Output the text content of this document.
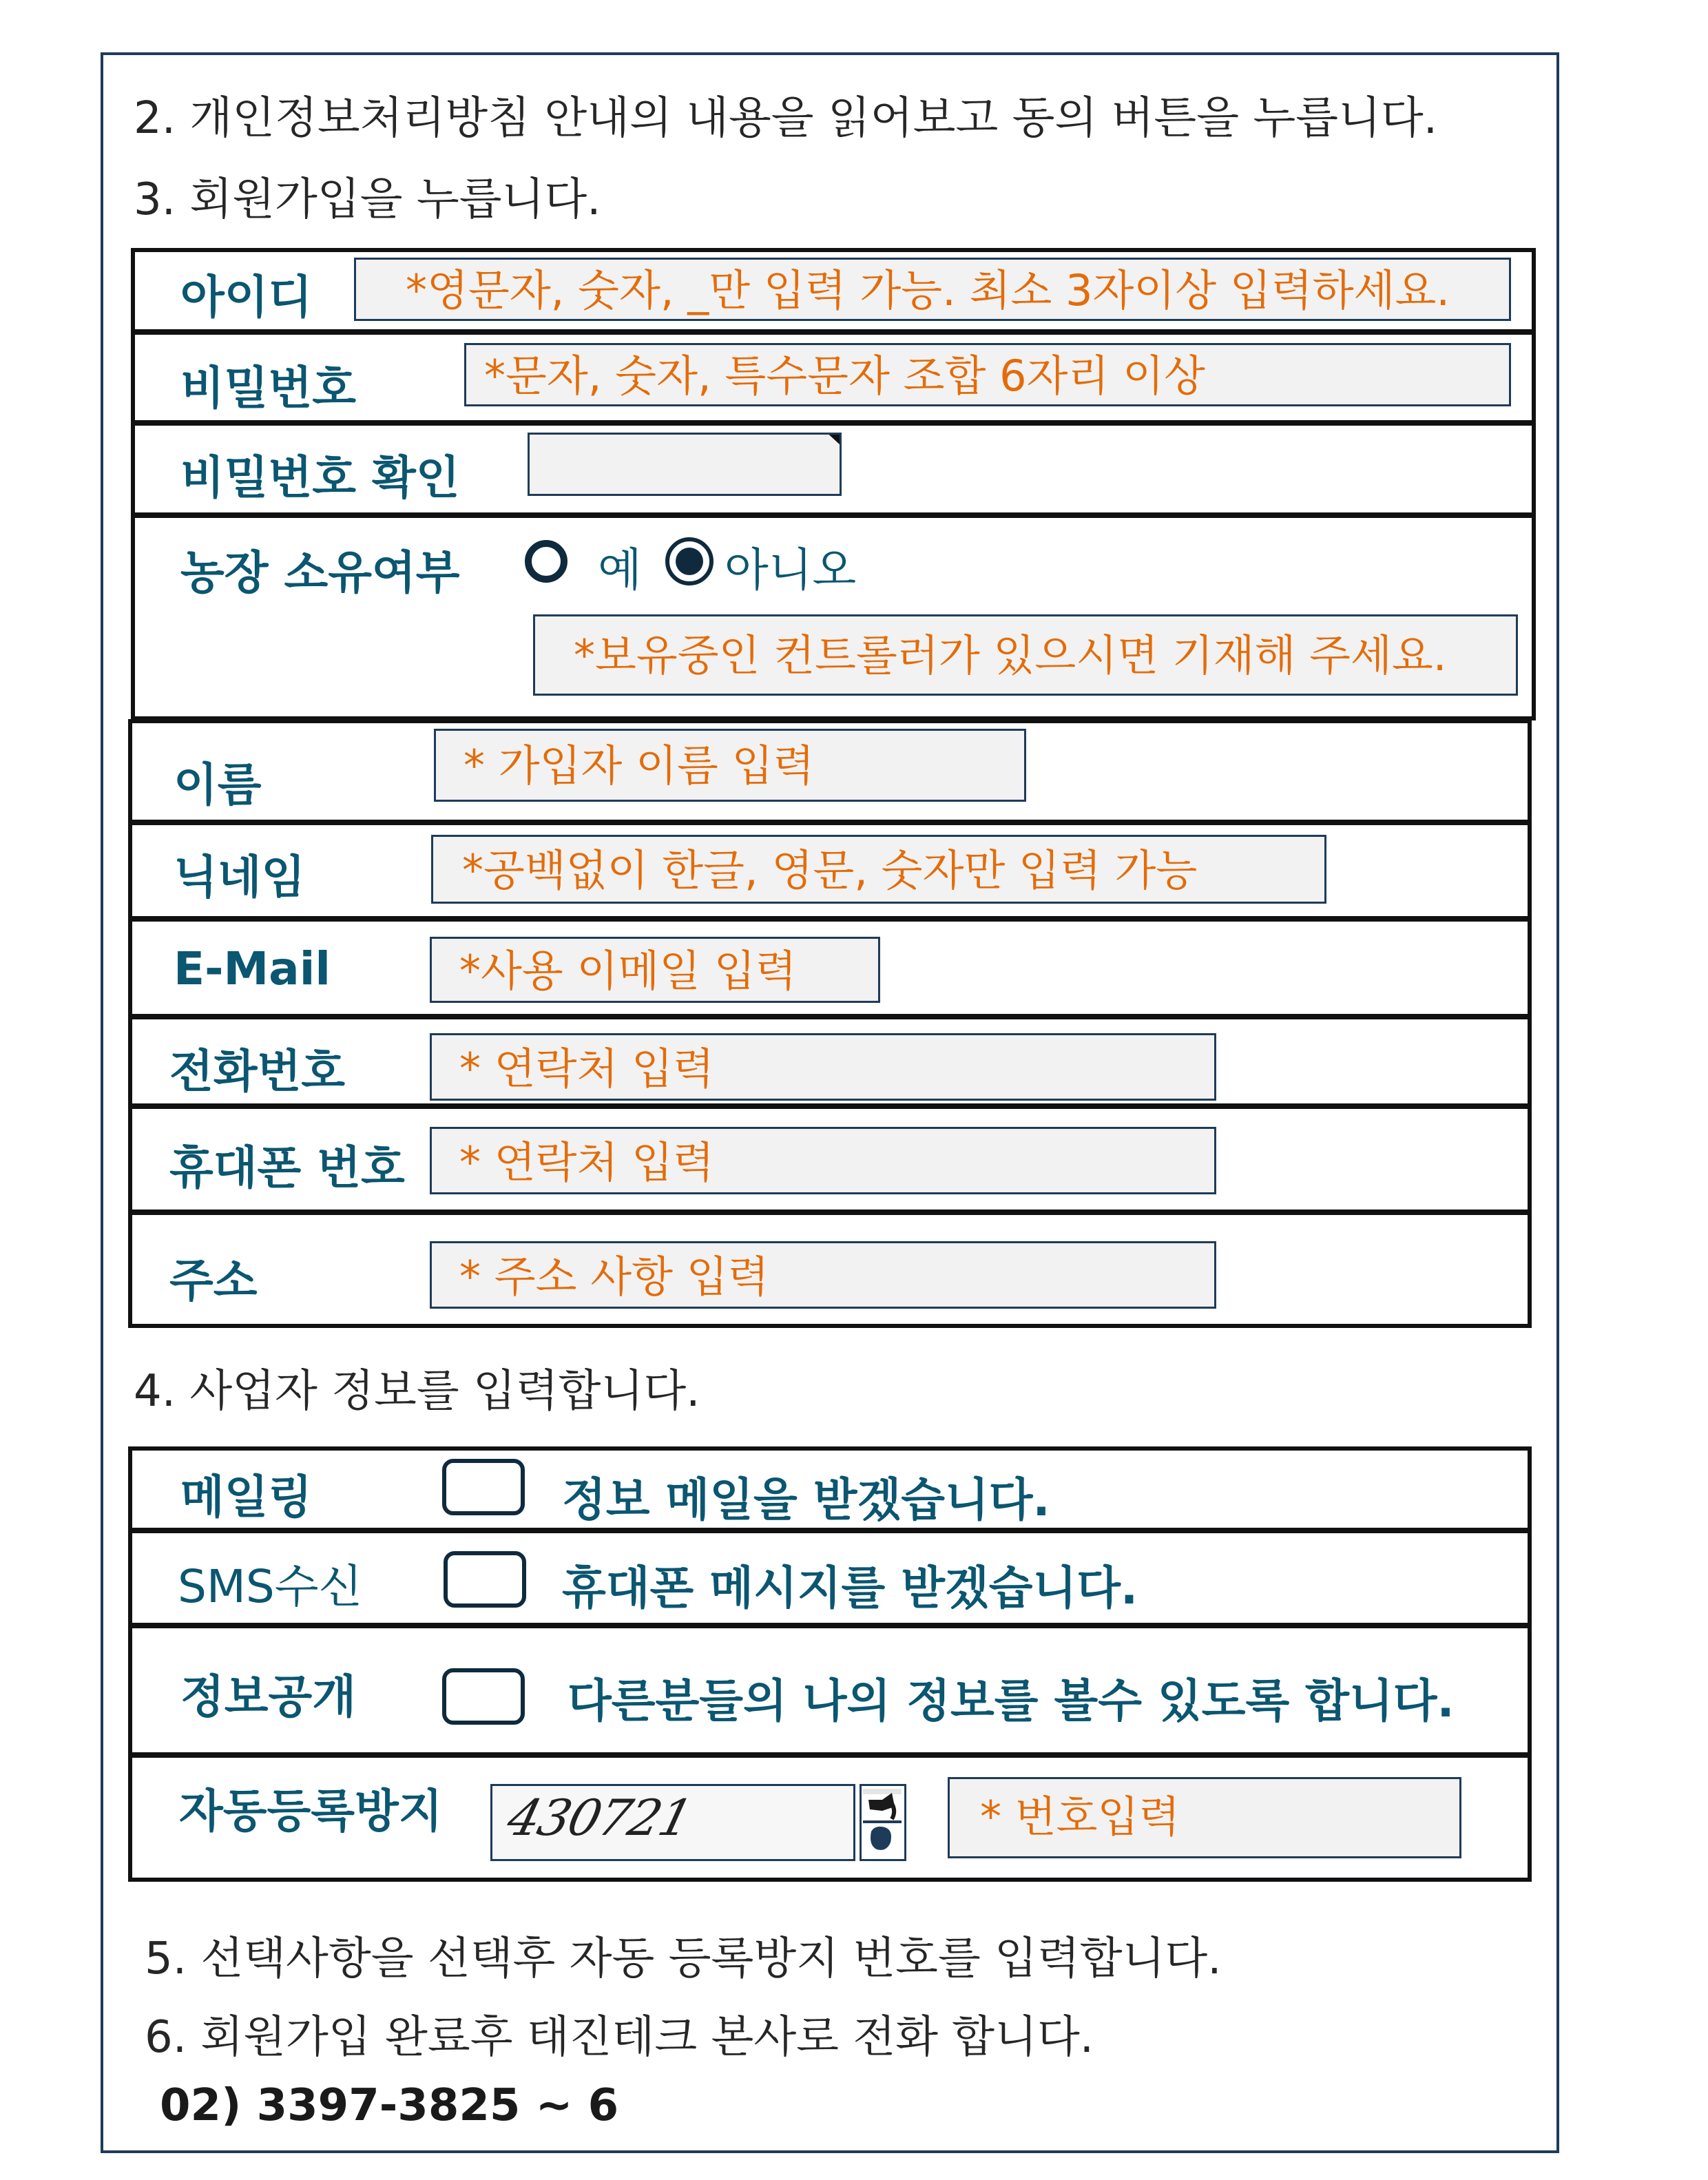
2. 개인정보처리방침 안내의 내용을 읽어보고 동의 버튼을 누릅니다.
3. 회원가입을 누릅니다.
아이디	*영문자, 숫자, _만 입력 가능. 최소 3자이상 입력하세요.
비밀번호	*문자, 숫자, 특수문자 조합 6자리 이상
비밀번호 확인
농장 소유여부	예 아니오
*보유중인 컨트롤러가 있으시면 기재해 주세요.
이름	* 가입자 이름 입력
닉네임	*공백없이 한글, 영문, 숫자만 입력 가능
E-Mail	*사용 이메일 입력
전화번호	* 연락처 입력
휴대폰 번호	* 연락처 입력
주소	* 주소 사항 입력
4. 사업자 정보를 입력합니다.
메일링	정보 메일을 받겠습니다.
SMS수신	휴대폰 메시지를 받겠습니다.
정보공개	다른분들의 나의 정보를 볼수 있도록 합니다.
자동등록방지 430721	* 번호입력
5. 선택사항을 선택후 자동 등록방지 번호를 입력합니다.
6. 회원가입 완료후 태진테크 본사로 전화 합니다.
02) 3397-3825 ~ 6
